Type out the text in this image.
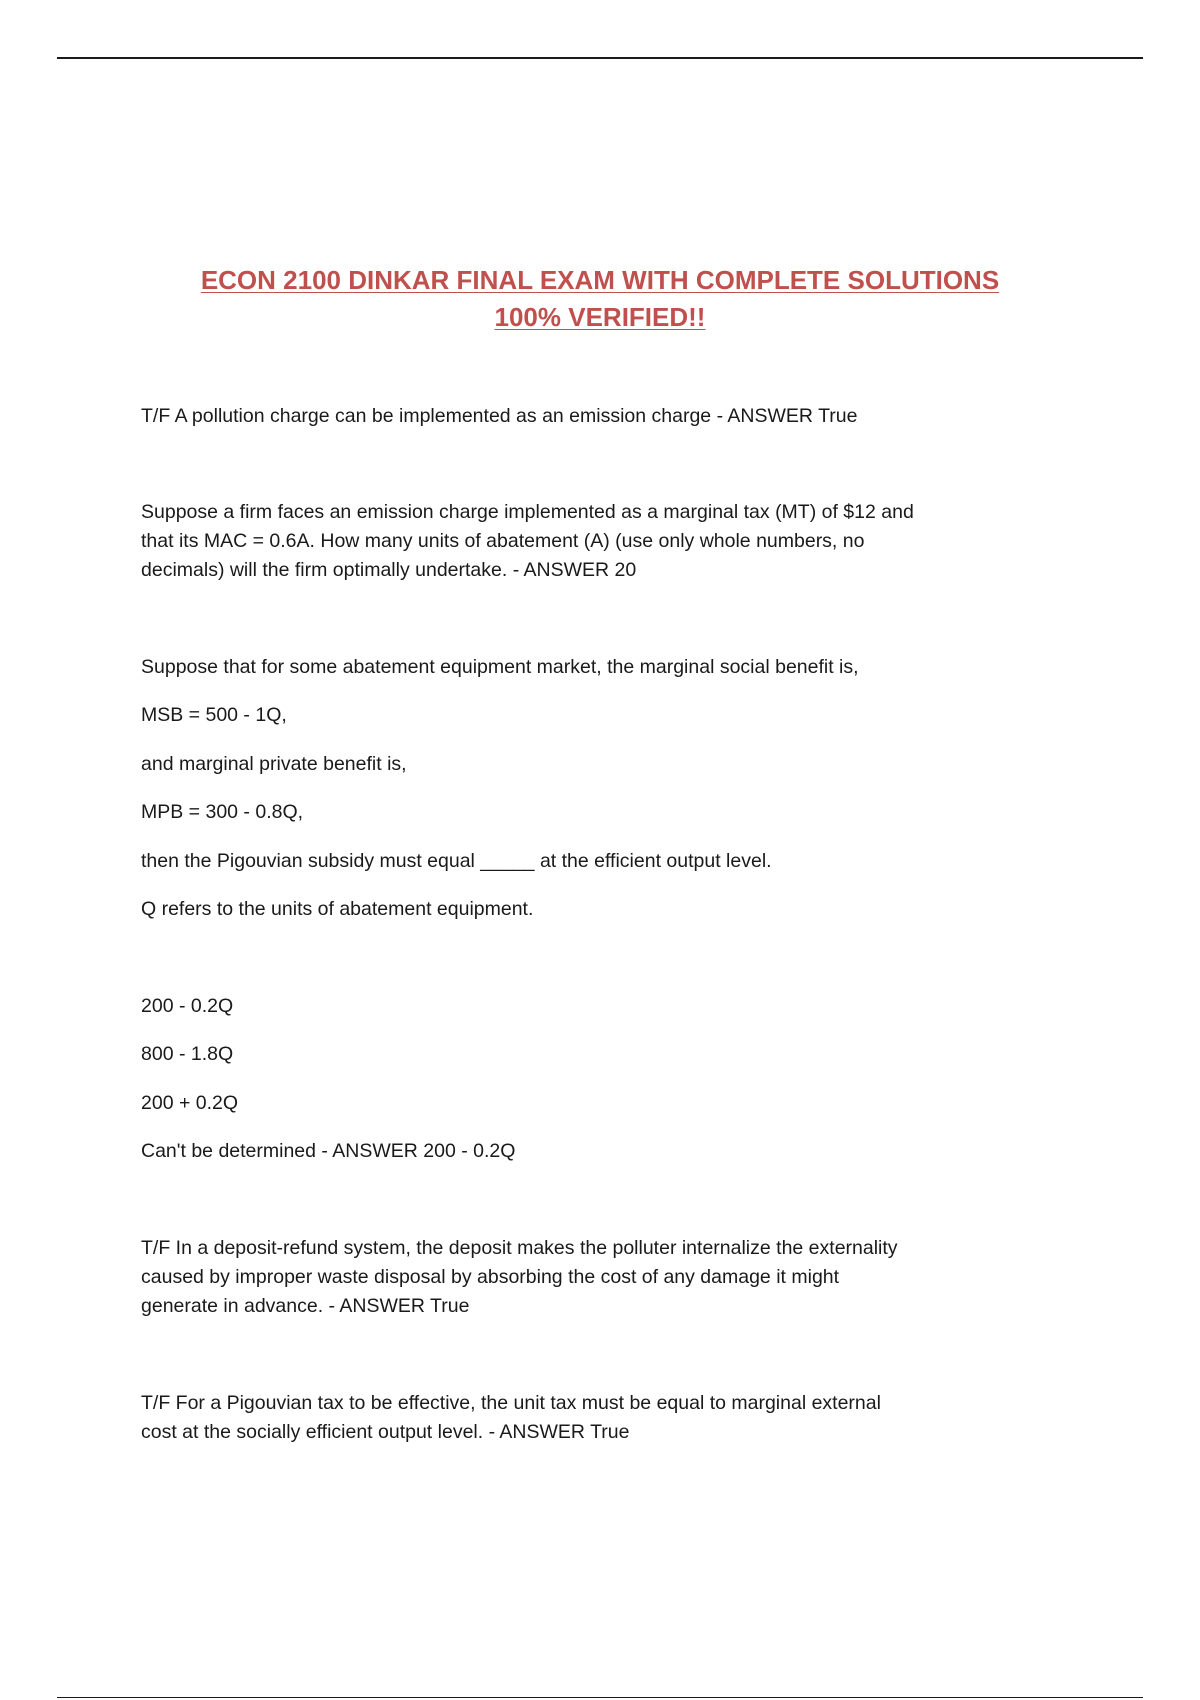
ECON 2100 DINKAR FINAL EXAM WITH COMPLETE SOLUTIONS
100% VERIFIED!!

T/F A pollution charge can be implemented as an emission charge - ANSWER True

Suppose a firm faces an emission charge implemented as a marginal tax (MT) of $12 and
that its MAC = 0.6A. How many units of abatement (A) (use only whole numbers, no
decimals) will the firm optimally undertake. - ANSWER 20

Suppose that for some abatement equipment market, the marginal social benefit is,

MSB = 500 - 1Q,

and marginal private benefit is,

MPB = 300 - 0.8Q,

then the Pigouvian subsidy must equal _____ at the efficient output level.

Q refers to the units of abatement equipment.

200 - 0.2Q

800 - 1.8Q

200 + 0.2Q

Can't be determined - ANSWER 200 - 0.2Q

T/F In a deposit-refund system, the deposit makes the polluter internalize the externality
caused by improper waste disposal by absorbing the cost of any damage it might
generate in advance. - ANSWER True
T/F For a Pigouvian tax to be effective, the unit tax must be equal to marginal external
cost at the socially efficient output level. - ANSWER True
